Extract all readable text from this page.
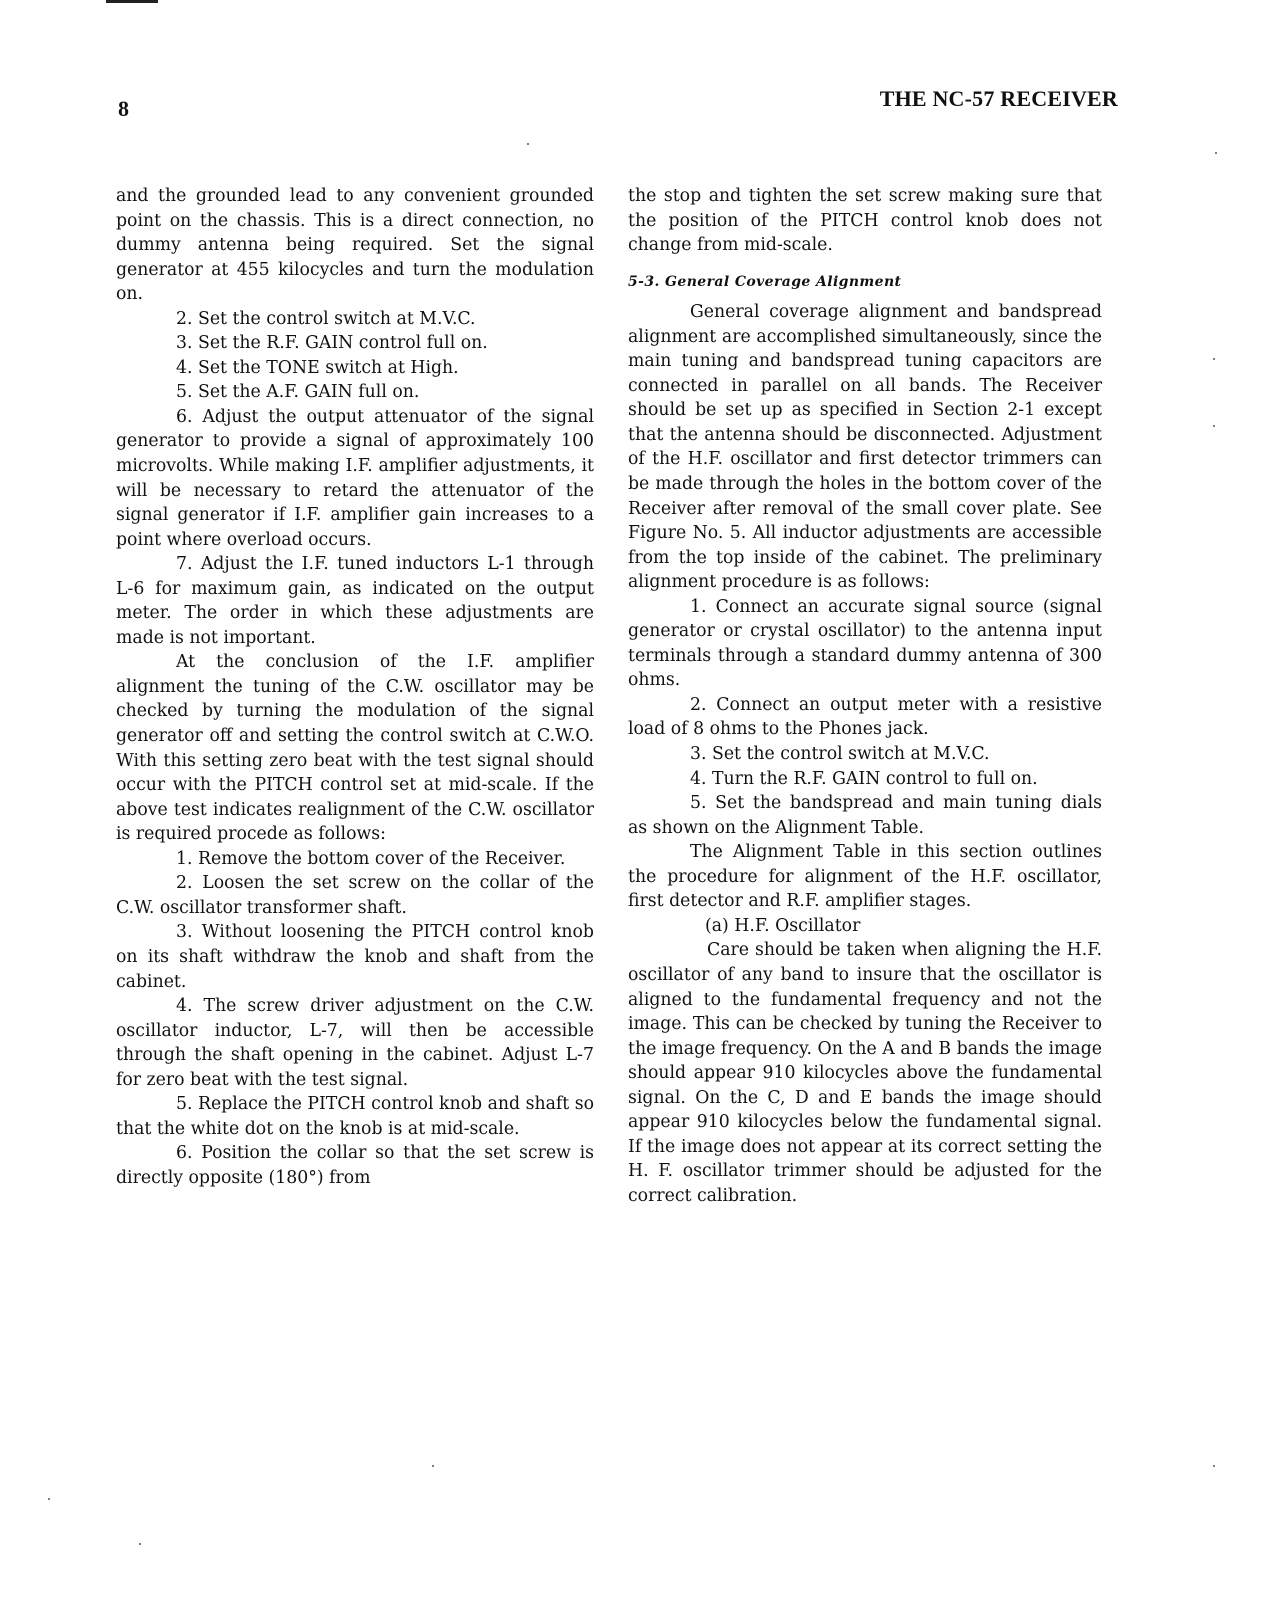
8	THE NC-57 RECEIVER

and the grounded lead to any convenient grounded point on the chassis. This is a direct connection, no dummy antenna being required. Set the signal generator at 455 kilocycles and turn the modulation on.

2. Set the control switch at M.V.C.

3. Set the R.F. GAIN control full on.

4. Set the TONE switch at High.

5. Set the A.F. GAIN full on.

6. Adjust the output attenuator of the signal generator to provide a signal of approximately 100 microvolts. While making I.F. amplifier adjustments, it will be necessary to retard the attenuator of the signal generator if I.F. amplifier gain increases to a point where overload occurs.

7. Adjust the I.F. tuned inductors L-1 through L-6 for maximum gain, as indicated on the output meter. The order in which these adjustments are made is not important.

At the conclusion of the I.F. amplifier alignment the tuning of the C.W. oscillator may be checked by turning the modulation of the signal generator off and setting the control switch at C.W.O. With this setting zero beat with the test signal should occur with the PITCH control set at mid-scale. If the above test indicates realignment of the C.W. oscillator is required procede as follows:

1. Remove the bottom cover of the Receiver.

2. Loosen the set screw on the collar of the C.W. oscillator transformer shaft.

3. Without loosening the PITCH control knob on its shaft withdraw the knob and shaft from the cabinet.

4. The screw driver adjustment on the C.W. oscillator inductor, L-7, will then be accessible through the shaft opening in the cabinet. Adjust L-7 for zero beat with the test signal.

5. Replace the PITCH control knob and shaft so that the white dot on the knob is at mid-scale.

6. Position the collar so that the set screw is directly opposite (180°) from

the stop and tighten the set screw making sure that the position of the PITCH control knob does not change from mid-scale.

5-3. General Coverage Alignment

General coverage alignment and bandspread alignment are accomplished simultaneously, since the main tuning and bandspread tuning capacitors are connected in parallel on all bands. The Receiver should be set up as specified in Section 2-1 except that the antenna should be disconnected. Adjustment of the H.F. oscillator and first detector trimmers can be made through the holes in the bottom cover of the Receiver after removal of the small cover plate. See Figure No. 5. All inductor adjustments are accessible from the top inside of the cabinet. The preliminary alignment procedure is as follows:

1. Connect an accurate signal source (signal generator or crystal oscillator) to the antenna input terminals through a standard dummy antenna of 300 ohms.

2. Connect an output meter with a resistive load of 8 ohms to the Phones jack.

3. Set the control switch at M.V.C.

4. Turn the R.F. GAIN control to full on.

5. Set the bandspread and main tuning dials as shown on the Alignment Table.

The Alignment Table in this section outlines the procedure for alignment of the H.F. oscillator, first detector and R.F. amplifier stages.

(a) H.F. Oscillator

Care should be taken when aligning the H.F. oscillator of any band to insure that the oscillator is aligned to the fundamental frequency and not the image. This can be checked by tuning the Receiver to the image frequency. On the A and B bands the image should appear 910 kilocycles above the fundamental signal. On the C, D and E bands the image should appear 910 kilocycles below the fundamental signal. If the image does not appear at its correct setting the H. F. oscillator trimmer should be adjusted for the correct calibration.
